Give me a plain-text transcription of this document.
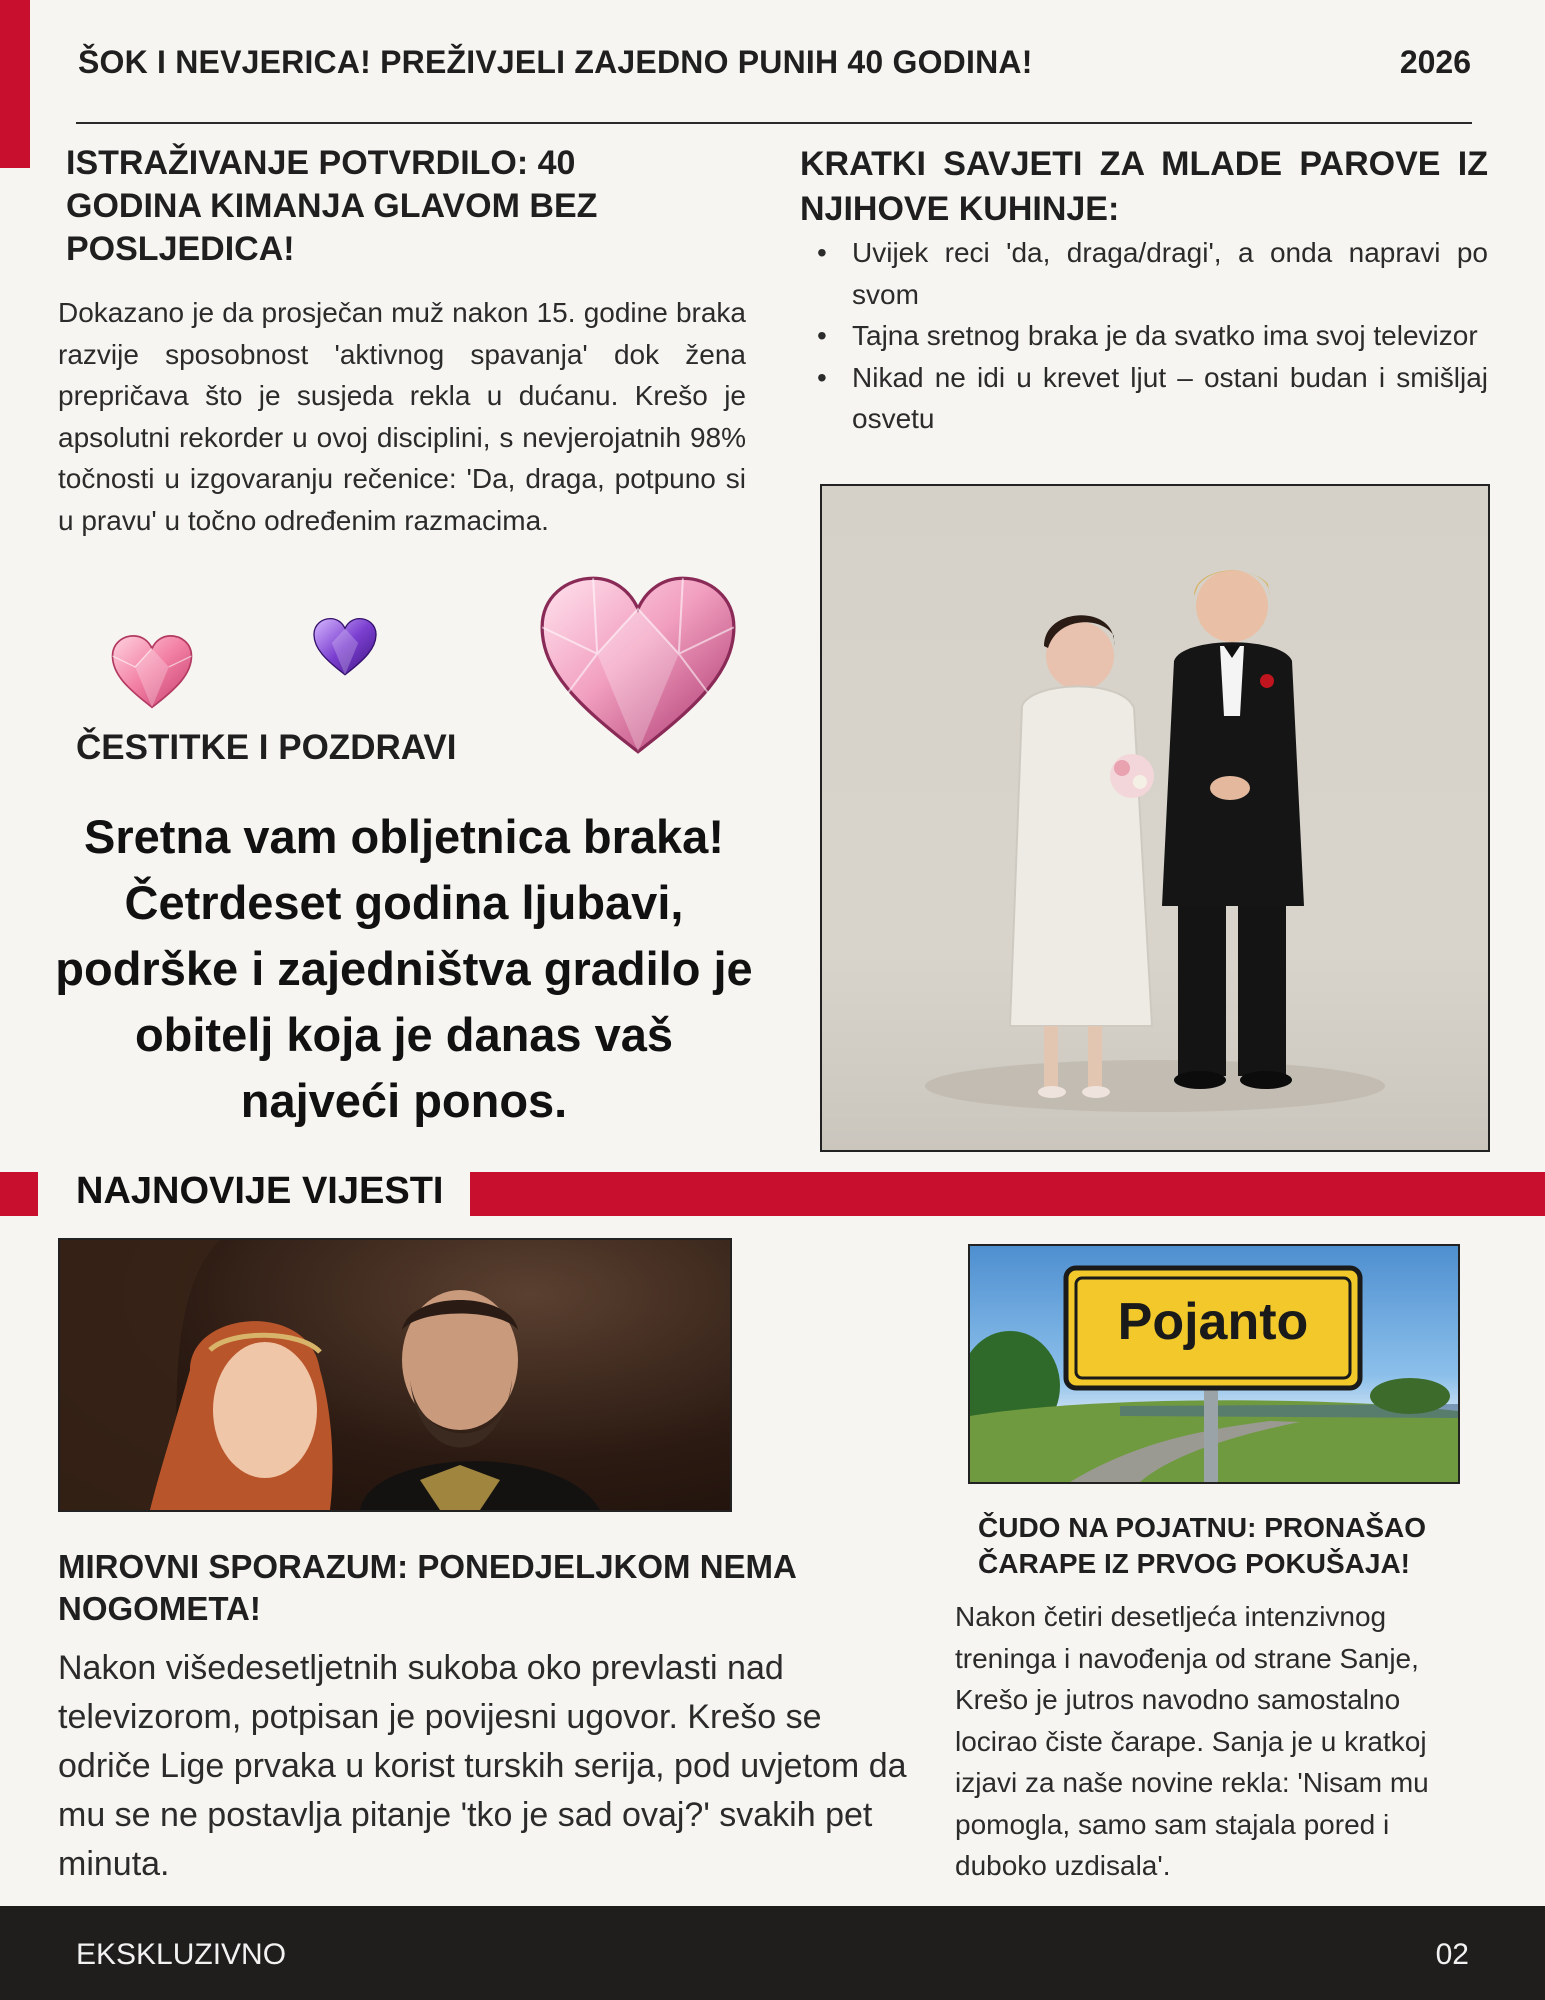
ŠOK I NEVJERICA! PREŽIVJELI ZAJEDNO PUNIH 40 GODINA!	2026
ISTRAŽIVANJE POTVRDILO: 40 GODINA KIMANJA GLAVOM BEZ POSLJEDICA!
Dokazano je da prosječan muž nakon 15. godine braka razvije sposobnost 'aktivnog spavanja' dok žena prepričava što je susjeda rekla u dućanu. Krešo je apsolutni rekorder u ovoj disciplini, s nevjerojatnih 98% točnosti u izgovaranju rečenice: 'Da, draga, potpuno si u pravu' u točno određenim razmacima.
KRATKI SAVJETI ZA MLADE PAROVE IZ NJIHOVE KUHINJE:
• Uvijek reci 'da, draga/dragi', a onda napravi po svom
• Tajna sretnog braka je da svatko ima svoj televizor
• Nikad ne idi u krevet ljut – ostani budan i smišljaj osvetu
ČESTITKE I POZDRAVI
Sretna vam obljetnica braka! Četrdeset godina ljubavi, podrške i zajedništva gradilo je obitelj koja je danas vaš najveći ponos.
NAJNOVIJE VIJESTI
Pojanto
MIROVNI SPORAZUM: PONEDJELJKOM NEMA NOGOMETA!
Nakon višedesetljetnih sukoba oko prevlasti nad televizorom, potpisan je povijesni ugovor. Krešo se odriče Lige prvaka u korist turskih serija, pod uvjetom da mu se ne postavlja pitanje 'tko je sad ovaj?' svakih pet minuta.
ČUDO NA POJATNU: PRONAŠAO ČARAPE IZ PRVOG POKUŠAJA!
Nakon četiri desetljeća intenzivnog treninga i navođenja od strane Sanje, Krešo je jutros navodno samostalno locirao čiste čarape. Sanja je u kratkoj izjavi za naše novine rekla: 'Nisam mu pomogla, samo sam stajala pored i duboko uzdisala'.
EKSKLUZIVNO	02
